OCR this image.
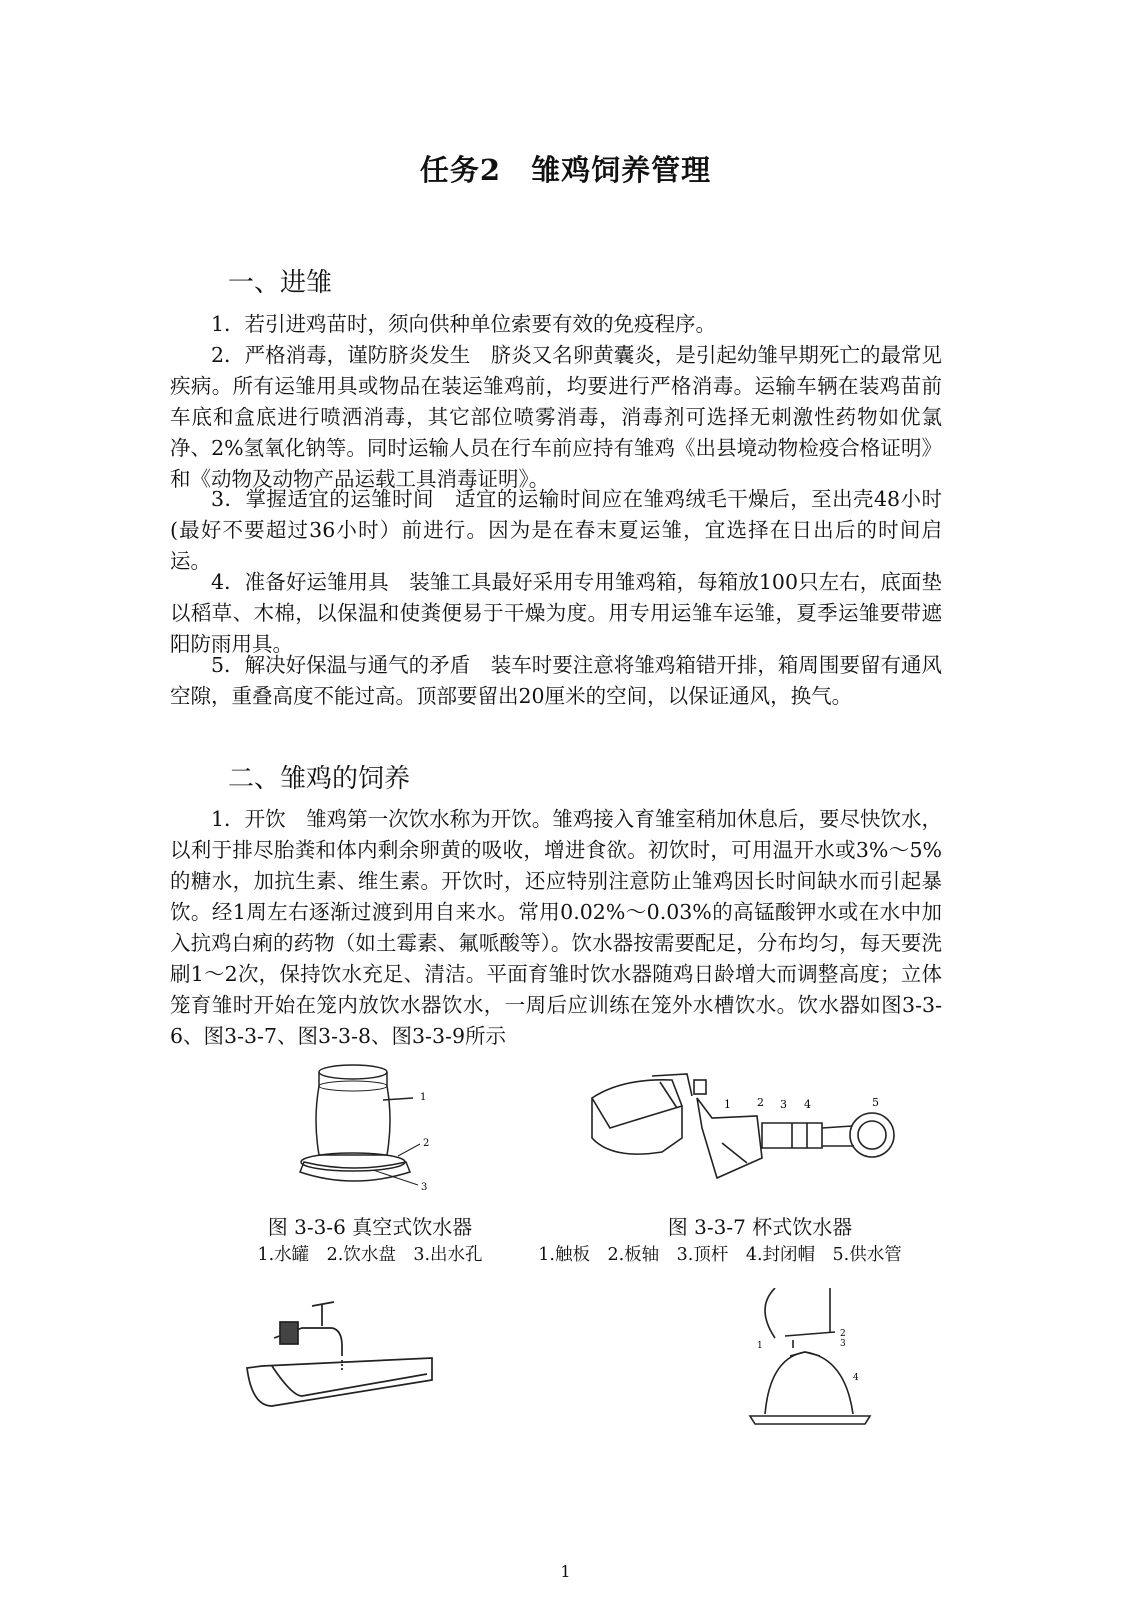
任务2　雏鸡饲养管理
一、进雏

1．若引进鸡苗时，须向供种单位索要有效的免疫程序。

2．严格消毒，谨防脐炎发生　脐炎又名卵黄囊炎，是引起幼雏早期死亡的最常见疾病。所有运雏用具或物品在装运雏鸡前，均要进行严格消毒。运输车辆在装鸡苗前车底和盒底进行喷洒消毒，其它部位喷雾消毒，消毒剂可选择无刺激性药物如优氯净、2%氢氧化钠等。同时运输人员在行车前应持有雏鸡《出县境动物检疫合格证明》和《动物及动物产品运载工具消毒证明》。

3．掌握适宜的运雏时间　适宜的运输时间应在雏鸡绒毛干燥后，至出壳48小时(最好不要超过36小时）前进行。因为是在春末夏运雏，宜选择在日出后的时间启运。

4．准备好运雏用具　装雏工具最好采用专用雏鸡箱，每箱放100只左右，底面垫以稻草、木棉，以保温和使粪便易于干燥为度。用专用运雏车运雏，夏季运雏要带遮阳防雨用具。

5．解决好保温与通气的矛盾　装车时要注意将雏鸡箱错开排，箱周围要留有通风空隙，重叠高度不能过高。顶部要留出20厘米的空间，以保证通风，换气。

二、雏鸡的饲养

1．开饮　雏鸡第一次饮水称为开饮。雏鸡接入育雏室稍加休息后，要尽快饮水，以利于排尽胎粪和体内剩余卵黄的吸收，增进食欲。初饮时，可用温开水或3%～5%的糖水，加抗生素、维生素。开饮时，还应特别注意防止雏鸡因长时间缺水而引起暴饮。经1周左右逐渐过渡到用自来水。常用0.02%～0.03%的高锰酸钾水或在水中加入抗鸡白痢的药物（如土霉素、氟哌酸等）。饮水器按需要配足，分布均匀，每天要洗刷1～2次，保持饮水充足、清洁。平面育雏时饮水器随鸡日龄增大而调整高度；立体笼育雏时开始在笼内放饮水器饮水，一周后应训练在笼外水槽饮水。饮水器如图3-3-6、图3-3-7、图3-3-8、图3-3-9所示

1
2
3
图 3-3-6 真空式饮水器
1.水罐　2.饮水盘　3.出水孔
1 2 3 4	5
图 3-3-7 杯式饮水器
1.触板　2.板轴　3.顶杆　4.封闭帽　5.供水管
1
2
3
4
1
